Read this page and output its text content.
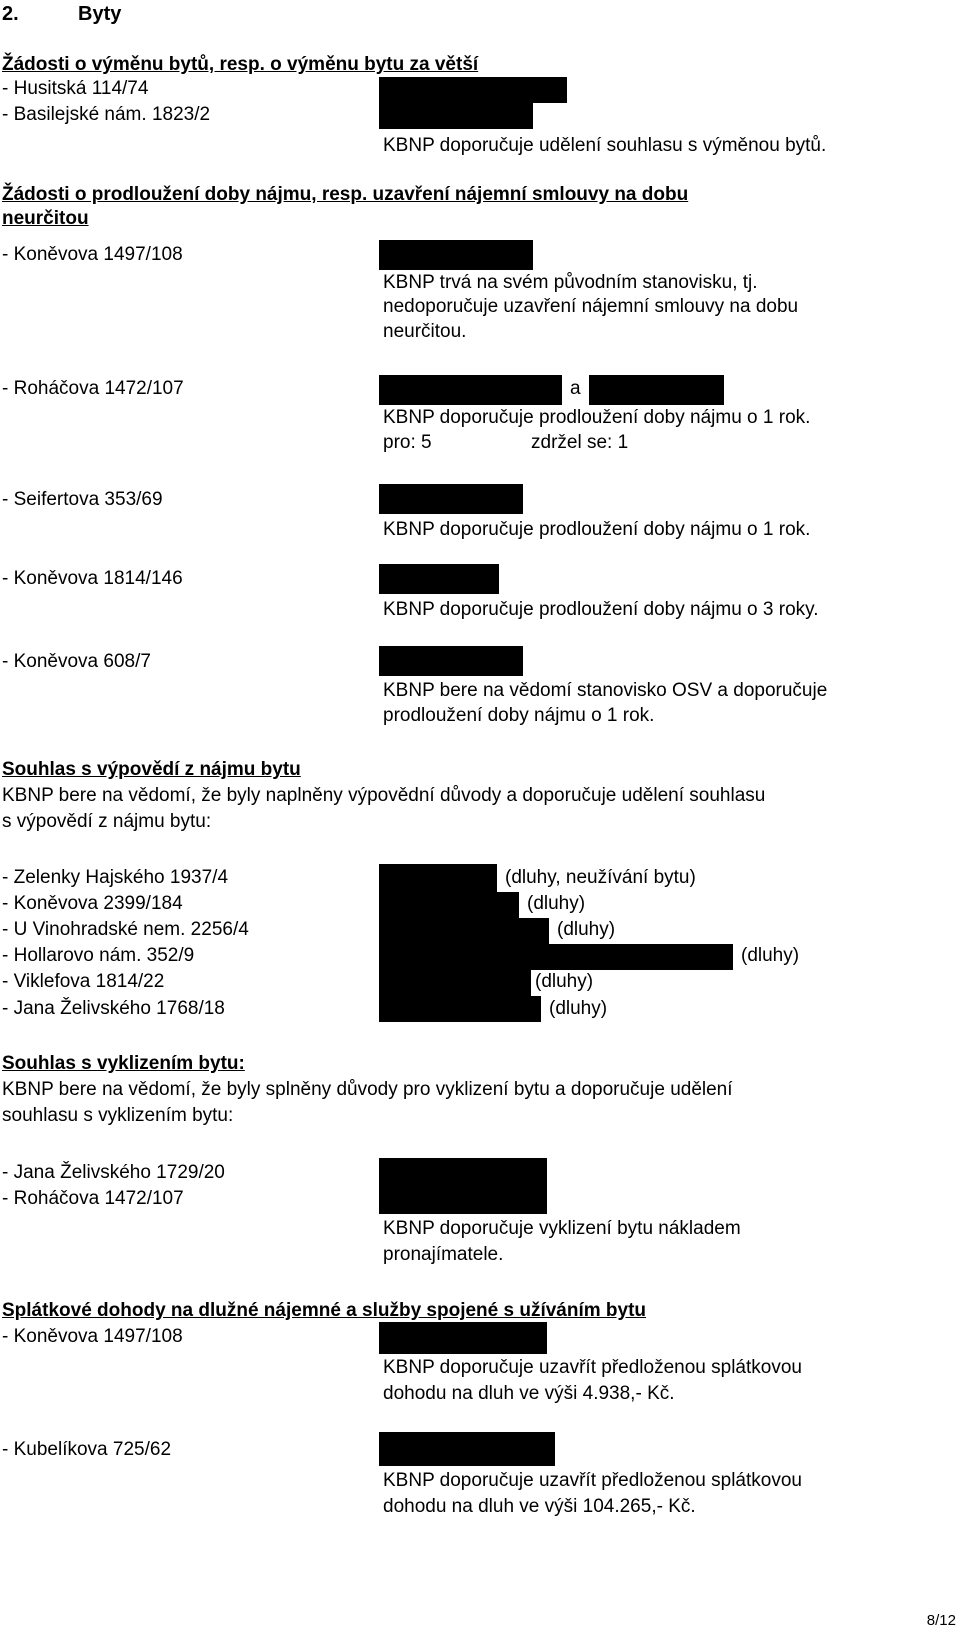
2.	Byty
Žádosti o výměnu bytů, resp. o výměnu bytu za větší
- Husitská 114/74
- Basilejské nám. 1823/2
KBNP doporučuje udělení souhlasu s výměnou bytů.
Žádosti o prodloužení doby nájmu, resp. uzavření nájemní smlouvy na dobu
neurčitou
- Koněvova 1497/108
KBNP trvá na svém původním stanovisku, tj.
nedoporučuje uzavření nájemní smlouvy na dobu
neurčitou.
- Roháčova 1472/107	a
KBNP doporučuje prodloužení doby nájmu o 1 rok.
pro: 5	zdržel se: 1
- Seifertova 353/69
KBNP doporučuje prodloužení doby nájmu o 1 rok.
- Koněvova 1814/146
KBNP doporučuje prodloužení doby nájmu o 3 roky.
- Koněvova 608/7
KBNP bere na vědomí stanovisko OSV a doporučuje
prodloužení doby nájmu o 1 rok.
Souhlas s výpovědí z nájmu bytu
KBNP bere na vědomí, že byly naplněny výpovědní důvody a doporučuje udělení souhlasu
s výpovědí z nájmu bytu:
- Zelenky Hajského 1937/4	(dluhy, neužívání bytu)
- Koněvova 2399/184	(dluhy)
- U Vinohradské nem. 2256/4	(dluhy)
- Hollarovo nám. 352/9	(dluhy)
- Viklefova 1814/22	(dluhy)
- Jana Želivského 1768/18	(dluhy)
Souhlas s vyklizením bytu:
KBNP bere na vědomí, že byly splněny důvody pro vyklizení bytu a doporučuje udělení
souhlasu s vyklizením bytu:
- Jana Želivského 1729/20
- Roháčova 1472/107
KBNP doporučuje vyklizení bytu nákladem
pronajímatele.
Splátkové dohody na dlužné nájemné a služby spojené s užíváním bytu
- Koněvova 1497/108
KBNP doporučuje uzavřít předloženou splátkovou
dohodu na dluh ve výši 4.938,- Kč.
- Kubelíkova 725/62
KBNP doporučuje uzavřít předloženou splátkovou
dohodu na dluh ve výši 104.265,- Kč.
8/12
